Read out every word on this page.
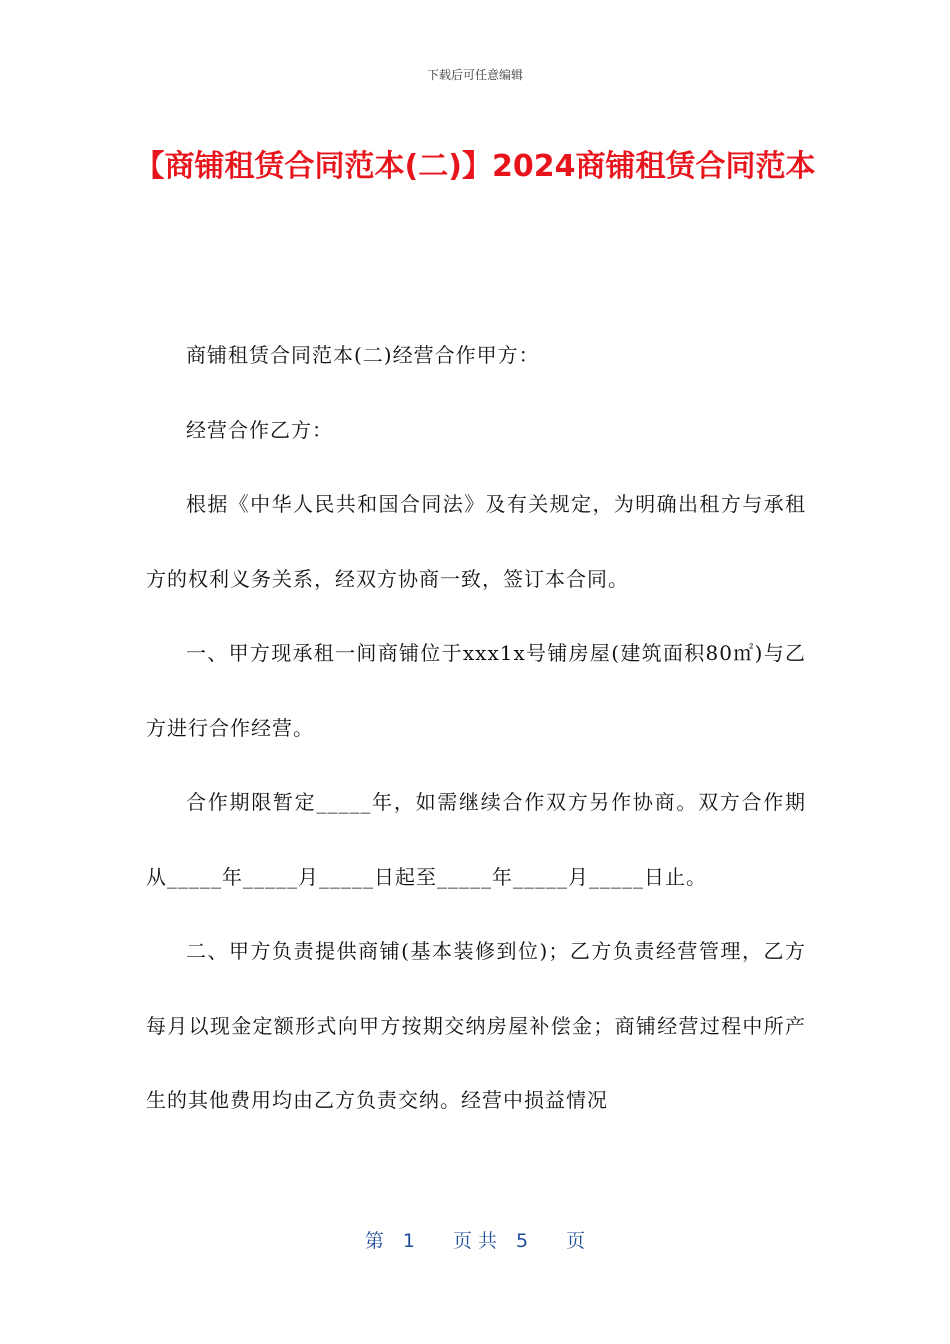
下载后可任意编辑
【商铺租赁合同范本(二)】2024商铺租赁合同范本

商铺租赁合同范本(二)经营合作甲方：

经营合作乙方：

根据《中华人民共和国合同法》及有关规定，为明确出租方与承租方的权利义务关系，经双方协商一致，签订本合同。

一、甲方现承租一间商铺位于xxx1x号铺房屋(建筑面积80㎡)与乙方进行合作经营。

合作期限暂定_____年，如需继续合作双方另作协商。双方合作期从_____年_____月_____日起至_____年_____月_____日止。

二、甲方负责提供商铺(基本装修到位)；乙方负责经营管理，乙方每月以现金定额形式向甲方按期交纳房屋补偿金；商铺经营过程中所产生的其他费用均由乙方负责交纳。经营中损益情况

第　1　　页 共　5　　页
